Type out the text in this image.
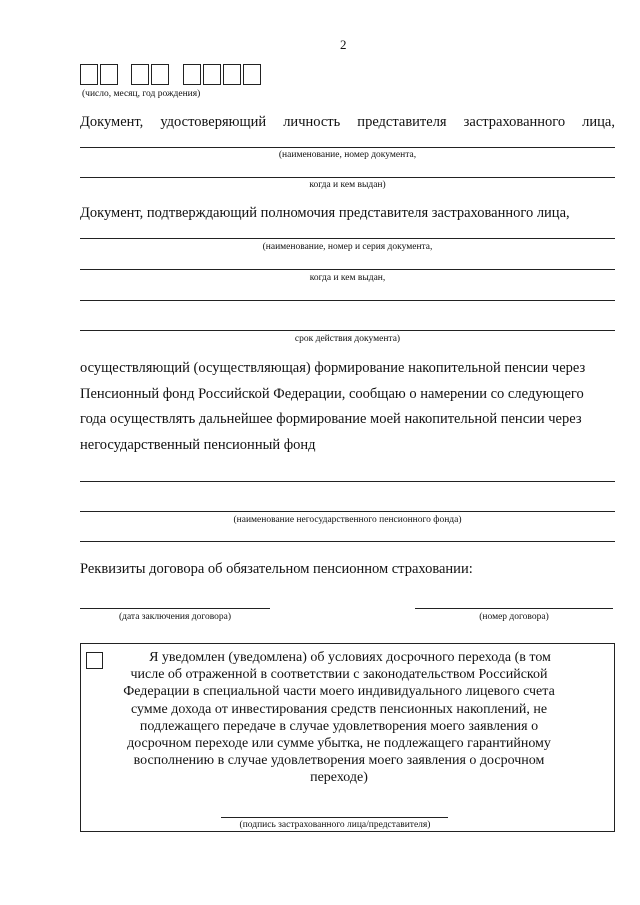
2
(число, месяц, год рождения)
Документ, удостоверяющий личность представителя застрахованного лица,
(наименование, номер документа,
когда и кем выдан)
Документ, подтверждающий полномочия представителя застрахованного лица,
(наименование, номер и серия документа,
когда и кем выдан,
срок действия документа)
осуществляющий (осуществляющая) формирование накопительной пенсии через
Пенсионный фонд Российской Федерации, сообщаю о намерении со следующего
года осуществлять дальнейшее формирование моей накопительной пенсии через
негосударственный пенсионный фонд
(наименование негосударственного пенсионного фонда)
Реквизиты договора об обязательном пенсионном страховании:
(дата заключения договора)	(номер договора)
Я уведомлен (уведомлена) об условиях досрочного перехода (в том
числе об отраженной в соответствии с законодательством Российской
Федерации в специальной части моего индивидуального лицевого счета
сумме дохода от инвестирования средств пенсионных накоплений, не
подлежащего передаче в случае удовлетворения моего заявления о
досрочном переходе или сумме убытка, не подлежащего гарантийному
восполнению в случае удовлетворения моего заявления о досрочном
переходе)
(подпись застрахованного лица/представителя)
